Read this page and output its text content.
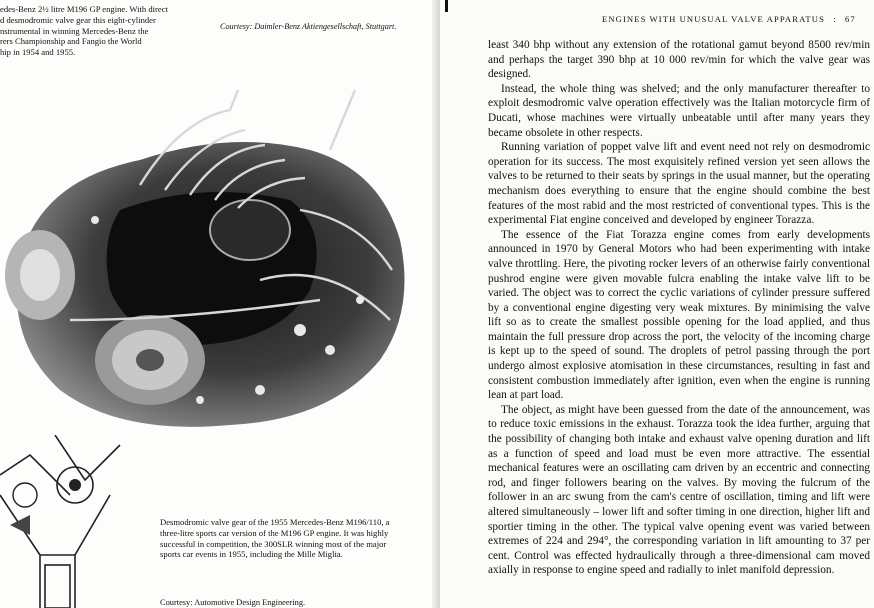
edes-Benz 2½ litre M196 GP engine. With direct
d desmodromic valve gear this eight-cylinder
nstrumental in winning Mercedes-Benz the
rers Championship and Fangio the World
hip in 1954 and 1955.

Courtesy: Daimler-Benz Aktiengesellschaft, Stuttgart.

Desmodromic valve gear of the 1955 Mercedes-Benz M196/110, a three-litre sports car version of the M196 GP engine. It was highly successful in competition, the 300SLR winning most of the major sports car events in 1955, including the Mille Miglia.

Courtesy: Automotive Design Engineering.
ENGINES WITH UNUSUAL VALVE APPARATUS : 67

least 340 bhp without any extension of the rotational gamut beyond 8500 rev/min and perhaps the target 390 bhp at 10 000 rev/min for which the valve gear was designed.

Instead, the whole thing was shelved; and the only manufacturer thereafter to exploit desmodromic valve operation effectively was the Italian motorcycle firm of Ducati, whose machines were virtually unbeatable until after many years they became obsolete in other respects.

Running variation of poppet valve lift and event need not rely on desmodromic operation for its success. The most exquisitely refined version yet seen allows the valves to be returned to their seats by springs in the usual manner, but the operating mechanism does everything to ensure that the engine should combine the best features of the most rabid and the most restricted of conventional types. This is the experimental Fiat engine conceived and developed by engineer Torazza.

The essence of the Fiat Torazza engine comes from early developments announced in 1970 by General Motors who had been experimenting with intake valve throttling. Here, the pivoting rocker levers of an otherwise fairly conventional pushrod engine were given movable fulcra enabling the intake valve lift to be varied. The object was to correct the cyclic variations of cylinder pressure suffered by a conventional engine digesting very weak mixtures. By minimising the valve lift so as to create the smallest possible opening for the load applied, and thus maintain the full pressure drop across the port, the velocity of the incoming charge is kept up to the speed of sound. The droplets of petrol passing through the port undergo almost explosive atomisation in these circumstances, resulting in fast and consistent combustion immediately after ignition, even when the engine is running lean at part load.

The object, as might have been guessed from the date of the announcement, was to reduce toxic emissions in the exhaust. Torazza took the idea further, arguing that the possibility of changing both intake and exhaust valve opening duration and lift as a function of speed and load must be even more attractive. The essential mechanical features were an oscillating cam driven by an eccentric and connecting rod, and finger followers bearing on the valves. By moving the fulcrum of the follower in an arc swung from the cam's centre of oscillation, timing and lift were altered simultaneously – lower lift and softer timing in one direction, higher lift and sportier timing in the other. The typical valve opening event was varied between extremes of 224 and 294°, the corresponding variation in lift amounting to 37 per cent. Control was effected hydraulically through a three-dimensional cam moved axially in response to engine speed and radially to inlet manifold depression.
